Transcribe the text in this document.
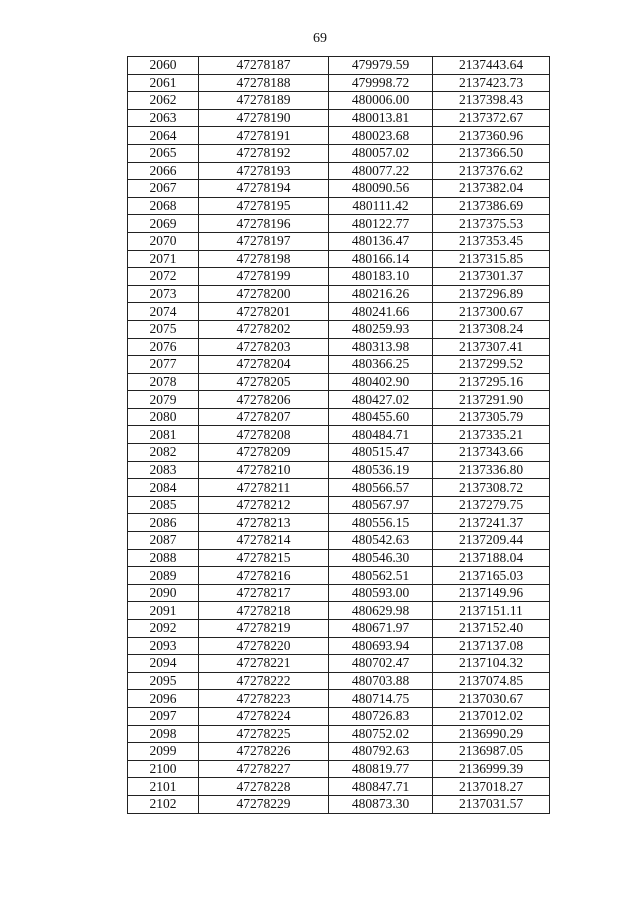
69
2060	47278187	479979.59	2137443.64
2061	47278188	479998.72	2137423.73
2062	47278189	480006.00	2137398.43
2063	47278190	480013.81	2137372.67
2064	47278191	480023.68	2137360.96
2065	47278192	480057.02	2137366.50
2066	47278193	480077.22	2137376.62
2067	47278194	480090.56	2137382.04
2068	47278195	480111.42	2137386.69
2069	47278196	480122.77	2137375.53
2070	47278197	480136.47	2137353.45
2071	47278198	480166.14	2137315.85
2072	47278199	480183.10	2137301.37
2073	47278200	480216.26	2137296.89
2074	47278201	480241.66	2137300.67
2075	47278202	480259.93	2137308.24
2076	47278203	480313.98	2137307.41
2077	47278204	480366.25	2137299.52
2078	47278205	480402.90	2137295.16
2079	47278206	480427.02	2137291.90
2080	47278207	480455.60	2137305.79
2081	47278208	480484.71	2137335.21
2082	47278209	480515.47	2137343.66
2083	47278210	480536.19	2137336.80
2084	47278211	480566.57	2137308.72
2085	47278212	480567.97	2137279.75
2086	47278213	480556.15	2137241.37
2087	47278214	480542.63	2137209.44
2088	47278215	480546.30	2137188.04
2089	47278216	480562.51	2137165.03
2090	47278217	480593.00	2137149.96
2091	47278218	480629.98	2137151.11
2092	47278219	480671.97	2137152.40
2093	47278220	480693.94	2137137.08
2094	47278221	480702.47	2137104.32
2095	47278222	480703.88	2137074.85
2096	47278223	480714.75	2137030.67
2097	47278224	480726.83	2137012.02
2098	47278225	480752.02	2136990.29
2099	47278226	480792.63	2136987.05
2100	47278227	480819.77	2136999.39
2101	47278228	480847.71	2137018.27
2102	47278229	480873.30	2137031.57
